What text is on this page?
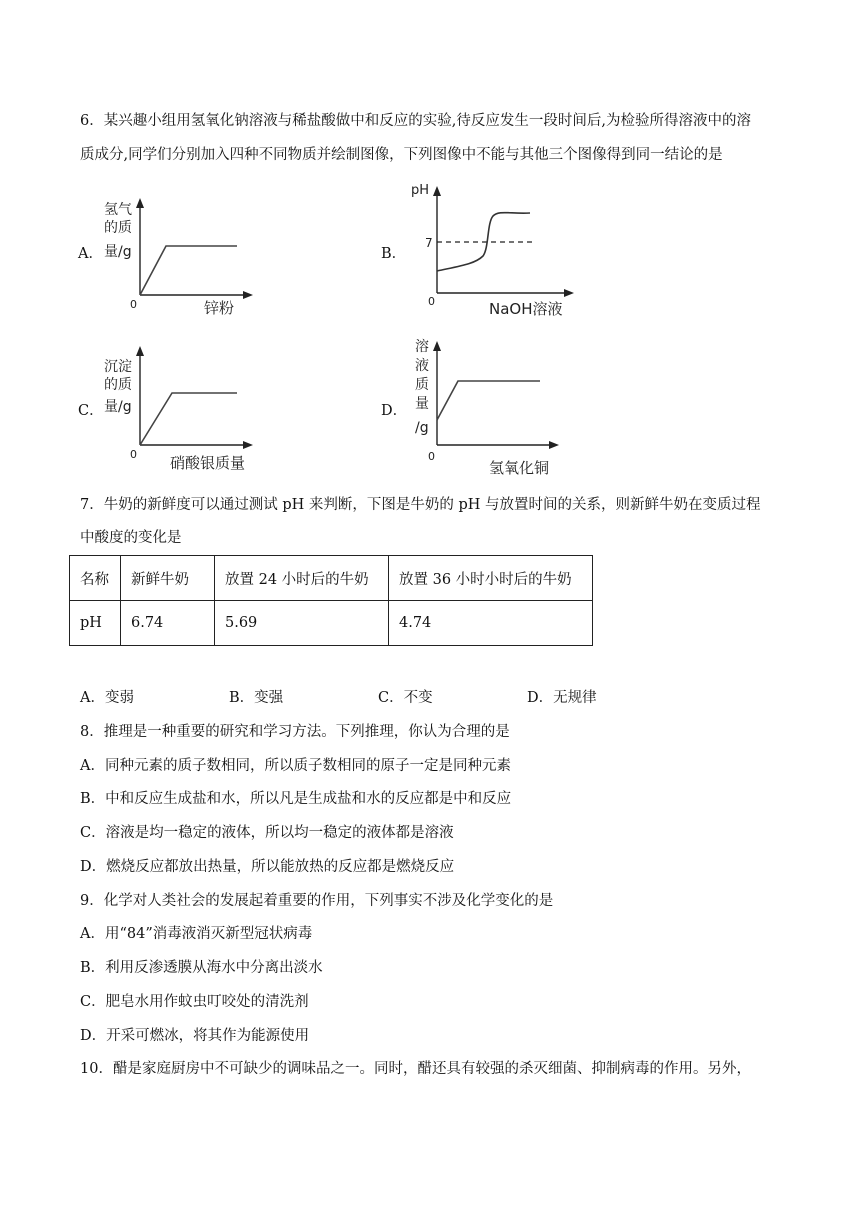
6．某兴趣小组用氢氧化钠溶液与稀盐酸做中和反应的实验,待反应发生一段时间后,为检验所得溶液中的溶
质成分,同学们分别加入四种不同物质并绘制图像，下列图像中不能与其他三个图像得到同一结论的是
A．
氢气
的质
量/g
0	锌粉
B．
pH
7
0	NaOH溶液
C．
沉淀
的质
量/g
0 硝酸银质量
D．
溶
液
质
量
/g
0
氢氧化铜
7．牛奶的新鲜度可以通过测试 pH 来判断，下图是牛奶的 pH 与放置时间的关系，则新鲜牛奶在变质过程
中酸度的变化是
名称	新鲜牛奶	放置 24 小时后的牛奶	放置 36 小时小时后的牛奶
pH	6.74	5.69	4.74
A．变弱	B．变强	C．不变	D．无规律
8．推理是一种重要的研究和学习方法。下列推理，你认为合理的是
A．同种元素的质子数相同，所以质子数相同的原子一定是同种元素
B．中和反应生成盐和水，所以凡是生成盐和水的反应都是中和反应
C．溶液是均一稳定的液体，所以均一稳定的液体都是溶液
D．燃烧反应都放出热量，所以能放热的反应都是燃烧反应
9．化学对人类社会的发展起着重要的作用，下列事实不涉及化学变化的是
A．用“84”消毒液消灭新型冠状病毒
B．利用反渗透膜从海水中分离出淡水
C．肥皂水用作蚊虫叮咬处的清洗剂
D．开采可燃冰，将其作为能源使用
10．醋是家庭厨房中不可缺少的调味品之一。同时，醋还具有较强的杀灭细菌、抑制病毒的作用。另外，
